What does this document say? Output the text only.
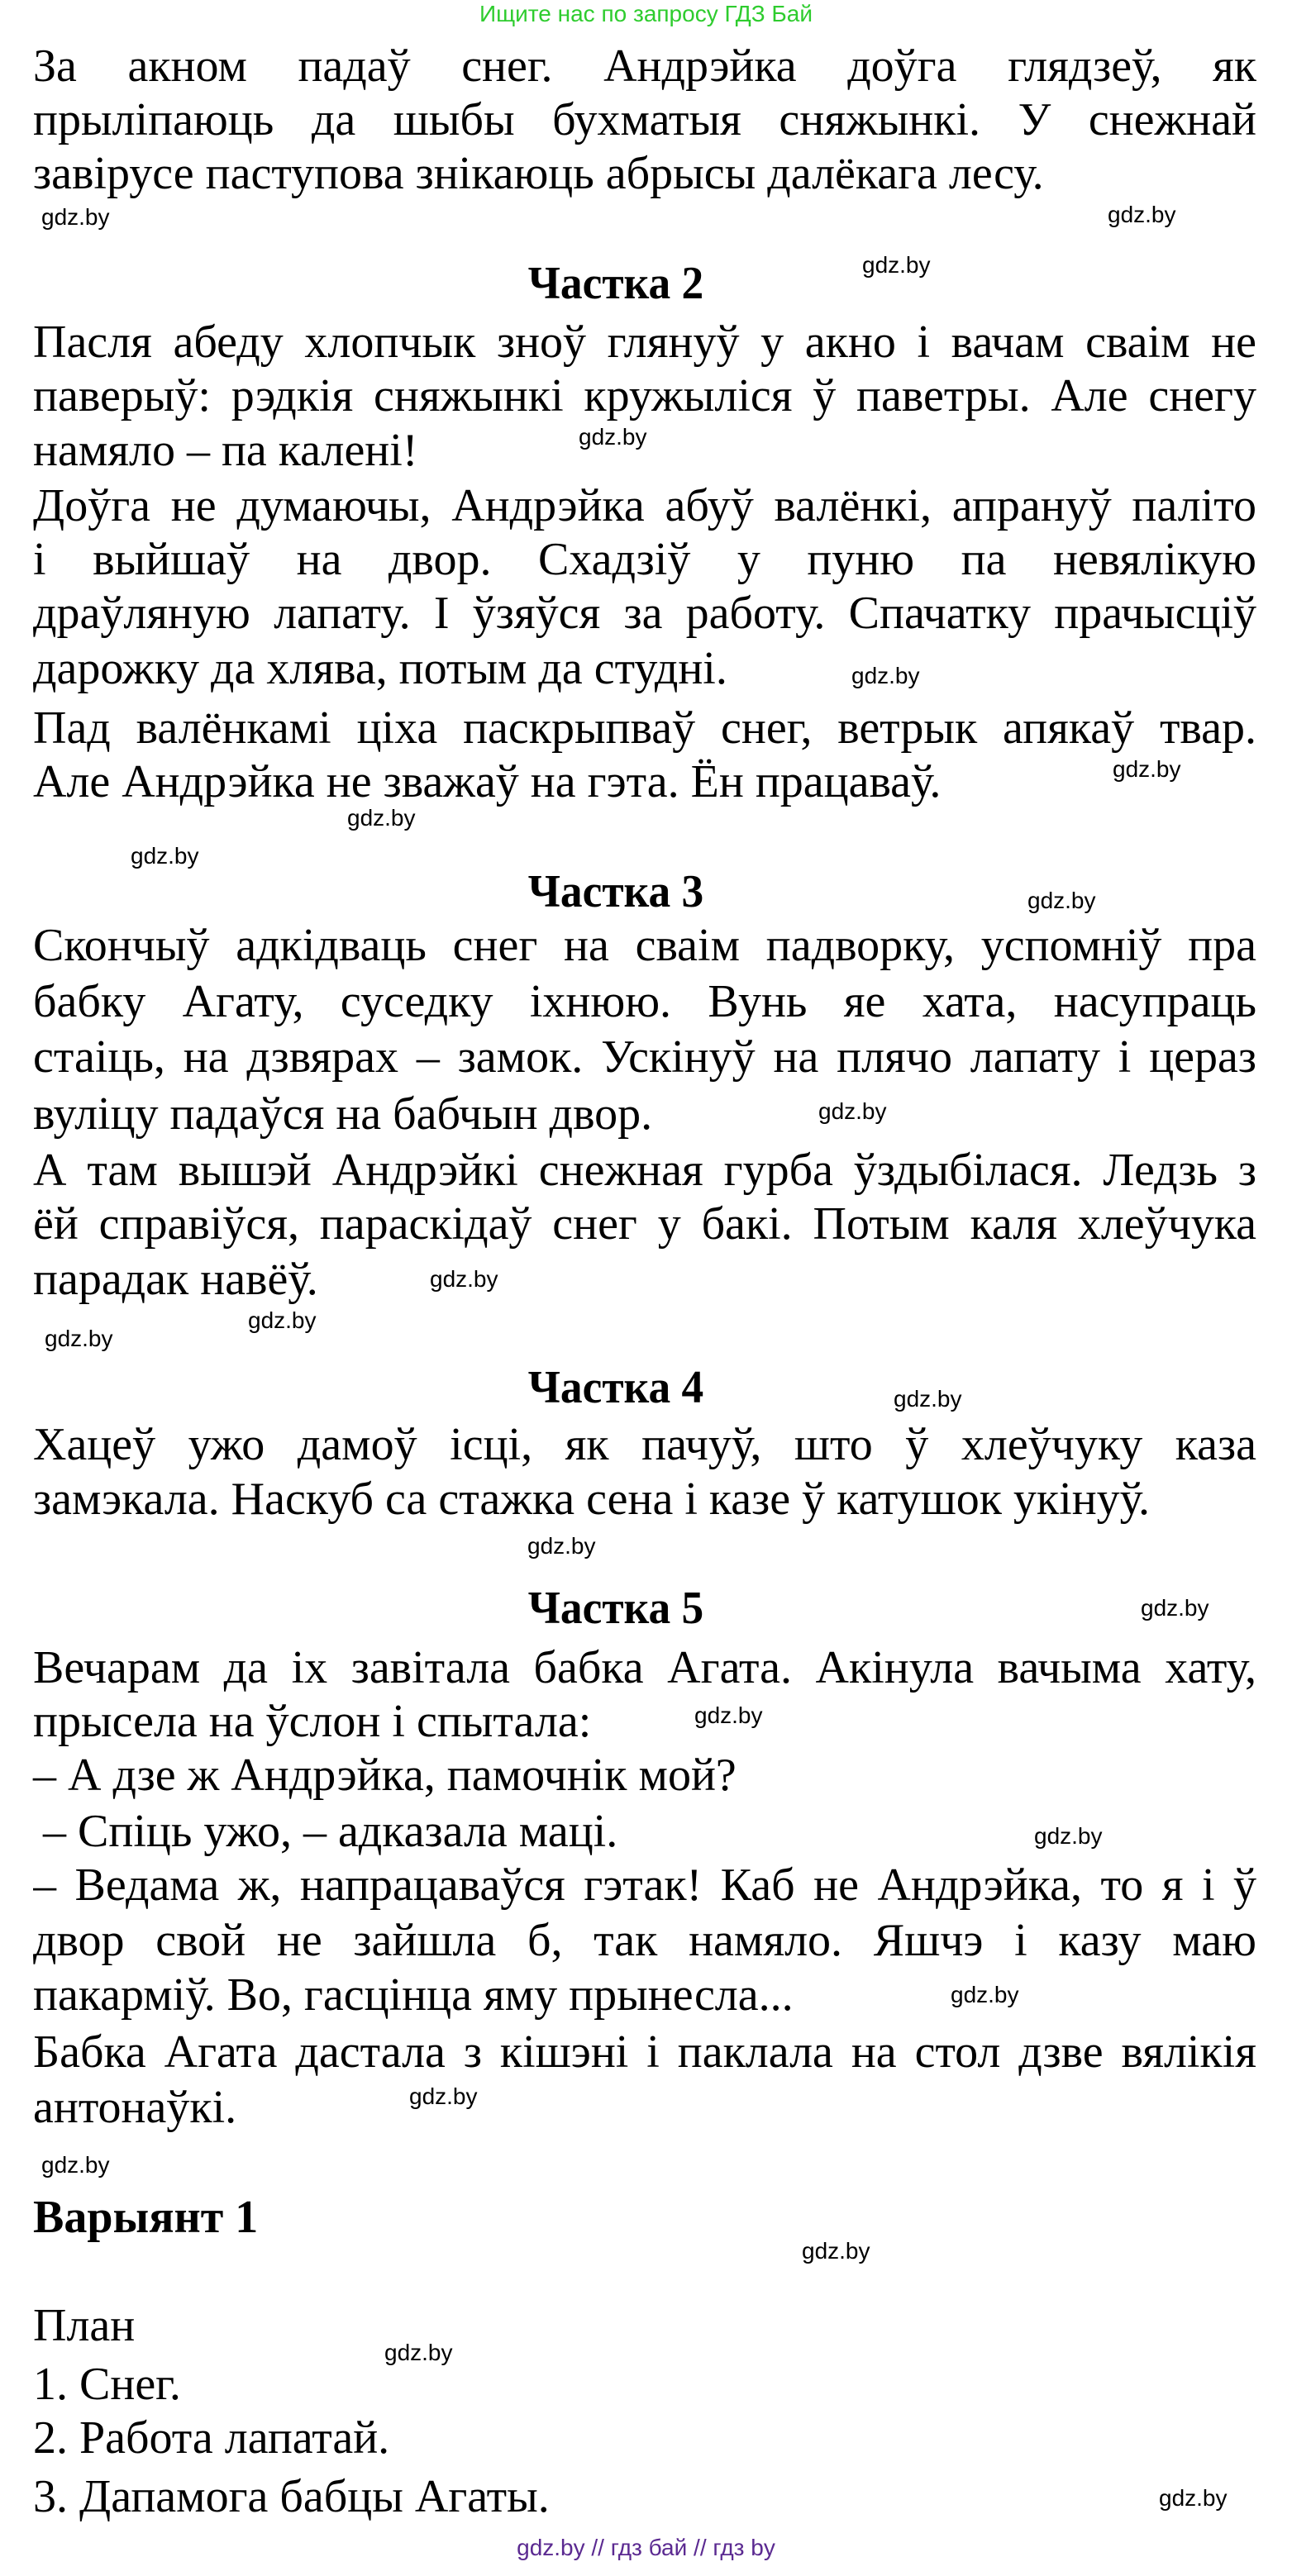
Ищите нас по запросу ГДЗ Бай
gdz.by // гдз бай // гдз by
За акном падаў снег. Андрэйка доўга глядзеў, як
прыліпаюць да шыбы бухматыя сняжынкі. У снежнай
завірусе паступова знікаюць абрысы далёкага лесу.
Частка 2
Пасля абеду хлопчык зноў глянуў у акно і вачам сваім не
паверыў: рэдкія сняжынкі кружыліся ў паветры. Але снегу
намяло – па калені!
Доўга не думаючы, Андрэйка абуў валёнкі, апрануў паліто
і выйшаў на двор. Схадзіў у пуню па невялікую
драўляную лапату. І ўзяўся за работу. Спачатку прачысціў
дарожку да хлява, потым да студні.
Пад валёнкамі ціха паскрыпваў снег, ветрык апякаў твар.
Але Андрэйка не зважаў на гэта. Ён працаваў.
Частка 3
Скончыў адкідваць снег на сваім падворку, успомніў пра
бабку Агату, суседку іхнюю. Вунь яе хата, насупраць
стаіць, на дзвярах – замок. Ускінуў на плячо лапату і цераз
вуліцу падаўся на бабчын двор.
А там вышэй Андрэйкі снежная гурба ўздыбілася. Ледзь з
ёй справіўся, параскідаў снег у бакі. Потым каля хлеўчука
парадак навёў.
Частка 4
Хацеў ужо дамоў ісці, як пачуў, што ў хлеўчуку каза
замэкала. Наскуб са стажка сена і казе ў катушок укінуў.
Частка 5
Вечарам да іх завітала бабка Агата. Акінула вачыма хату,
прысела на ўслон і спытала:
– А дзе ж Андрэйка, памочнік мой?
– Спіць ужо, – адказала маці.
– Ведама ж, напрацаваўся гэтак! Каб не Андрэйка, то я і ў
двор свой не зайшла б, так намяло. Яшчэ і казу маю
пакарміў. Во, гасцінца яму прынесла...
Бабка Агата дастала з кішэні і паклала на стол дзве вялікія
антонаўкі.
Варыянт 1
План
1. Снег.
2. Работа лапатай.
3. Дапамога бабцы Агаты.
gdz.by
gdz.by
gdz.by
gdz.by
gdz.by
gdz.by
gdz.by
gdz.by
gdz.by
gdz.by
gdz.by
gdz.by
gdz.by
gdz.by
gdz.by
gdz.by
gdz.by
gdz.by
gdz.by
gdz.by
gdz.by
gdz.by
gdz.by
gdz.by
